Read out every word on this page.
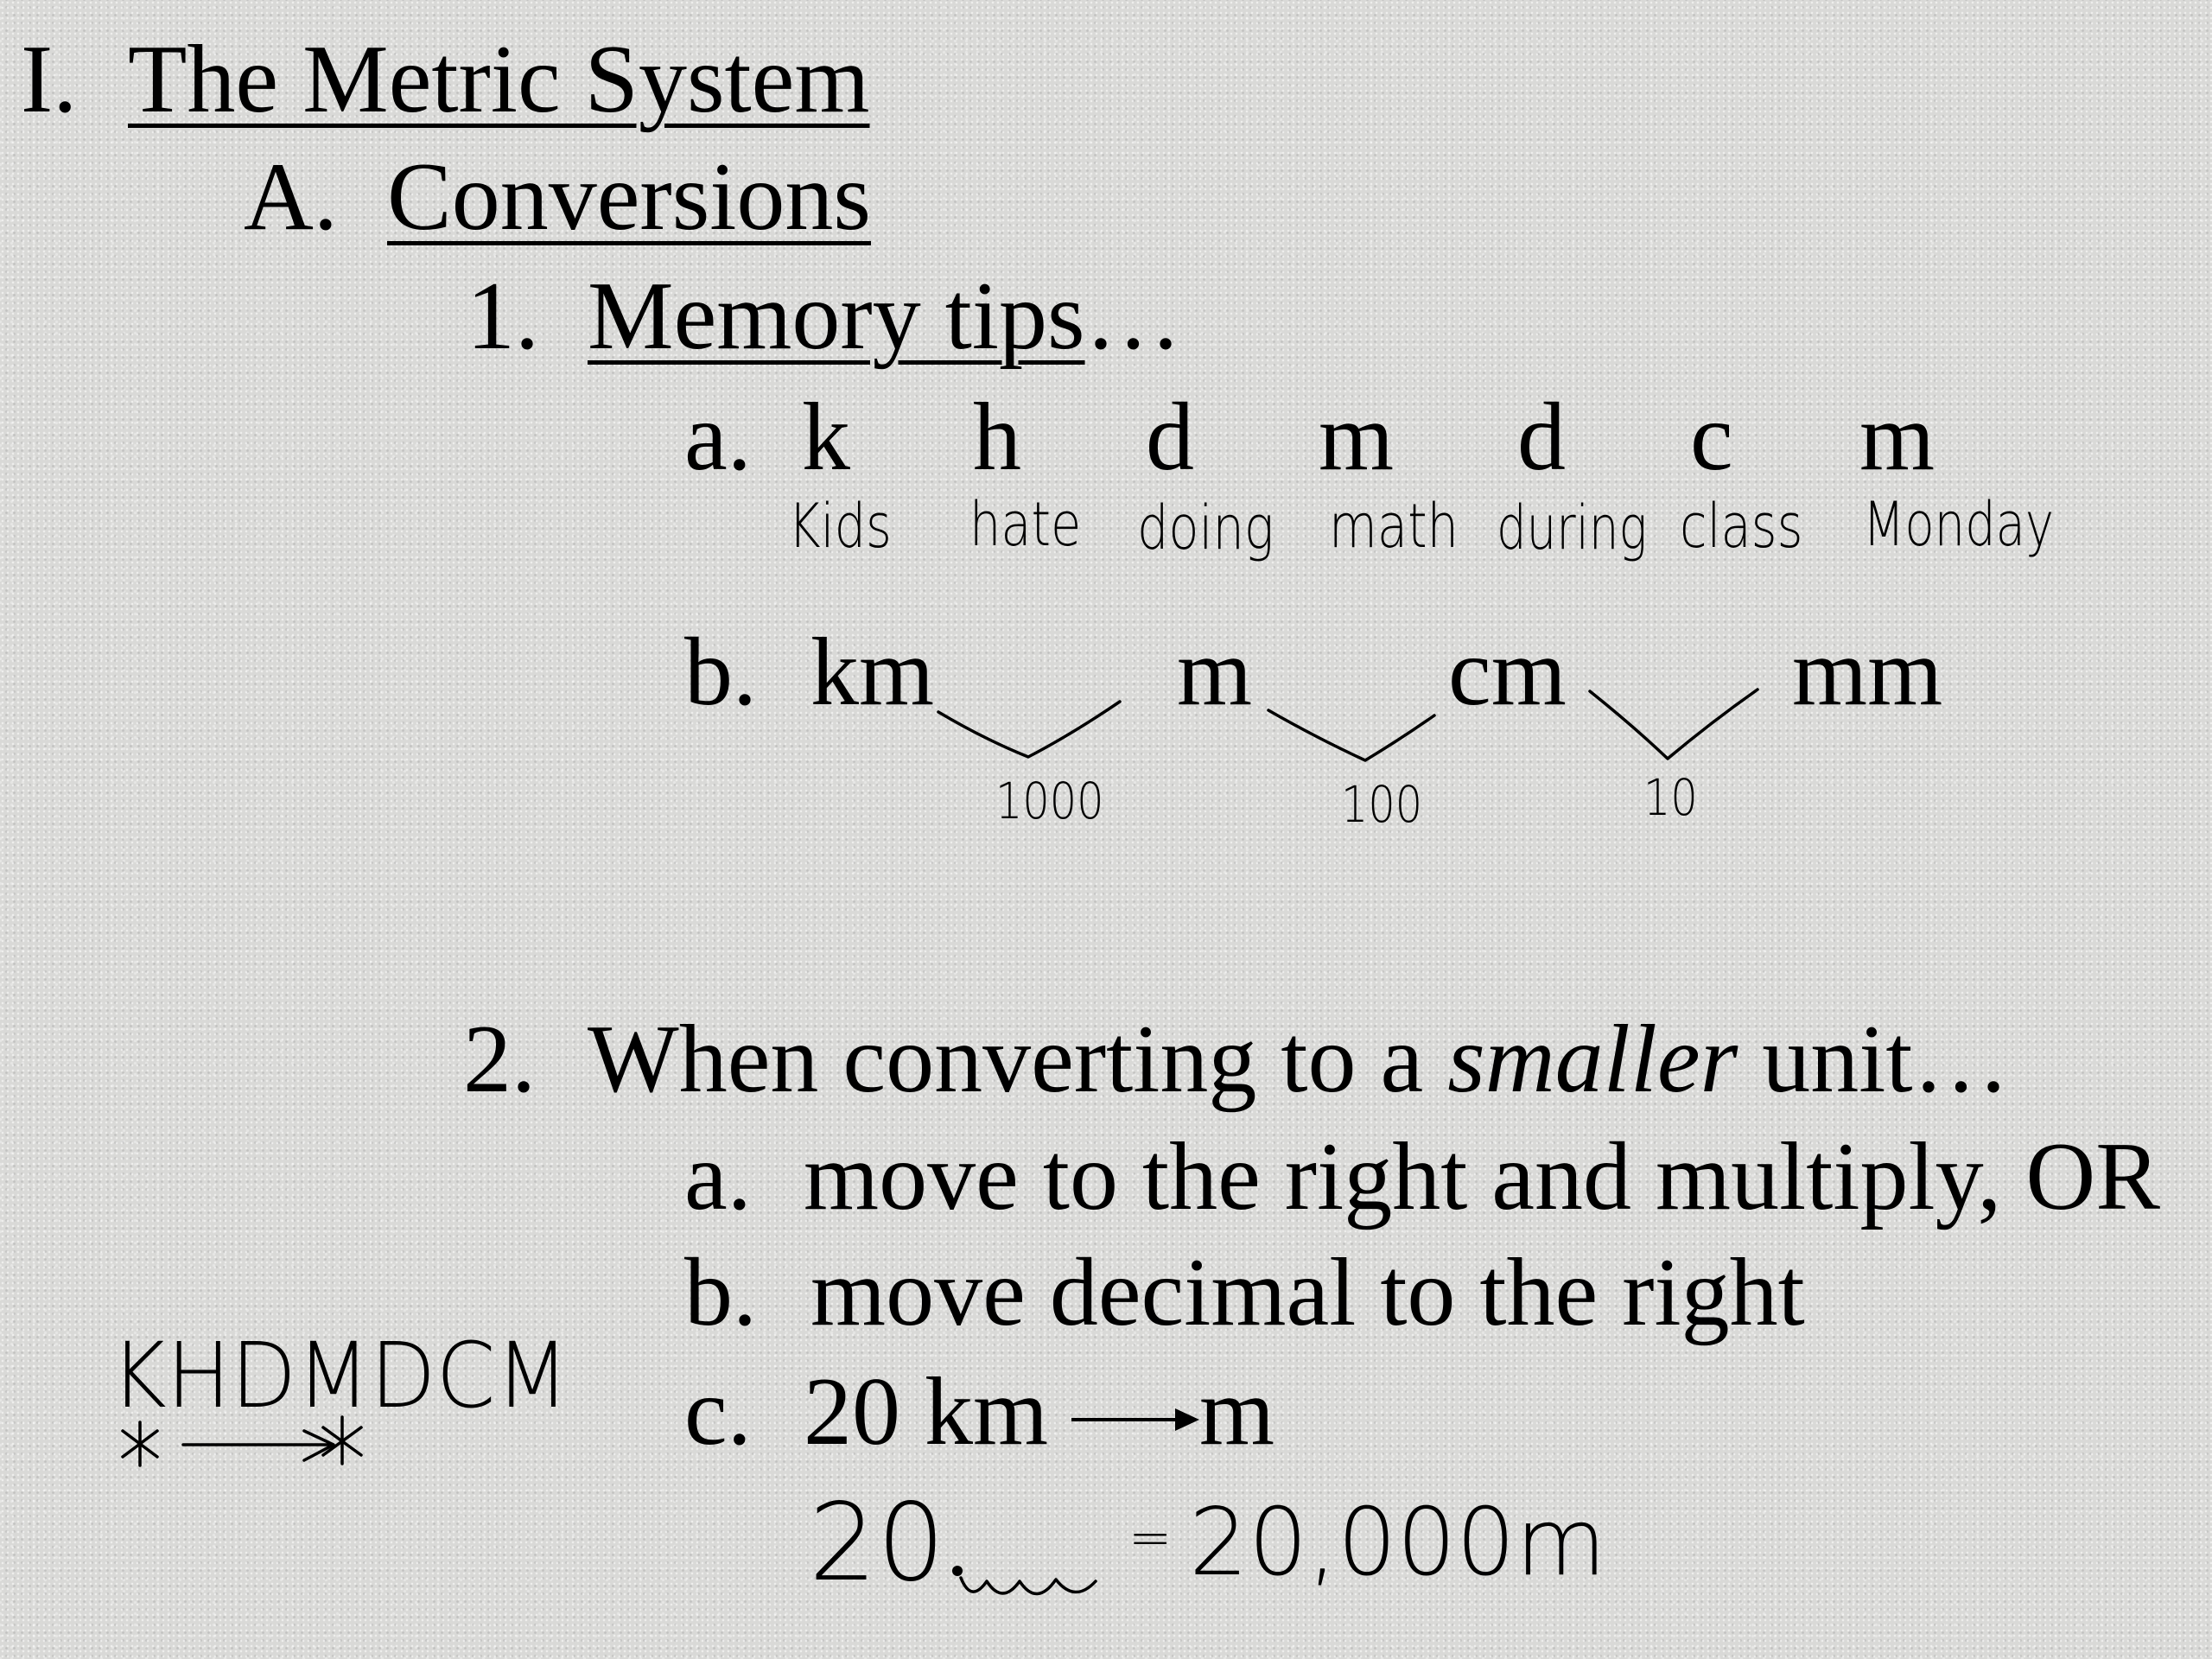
I. The Metric System
A. Conversions
1. Memory tips…
a. k h d m d c m
Kids hate doing math during class Monday
b. km	m cm mm
1000	100	10
2. When converting to a smaller unit…
a. move to the right and multiply, OR
b. move decimal to the right
c. 20 km m
KHDMDCM
20	= 20,000m
